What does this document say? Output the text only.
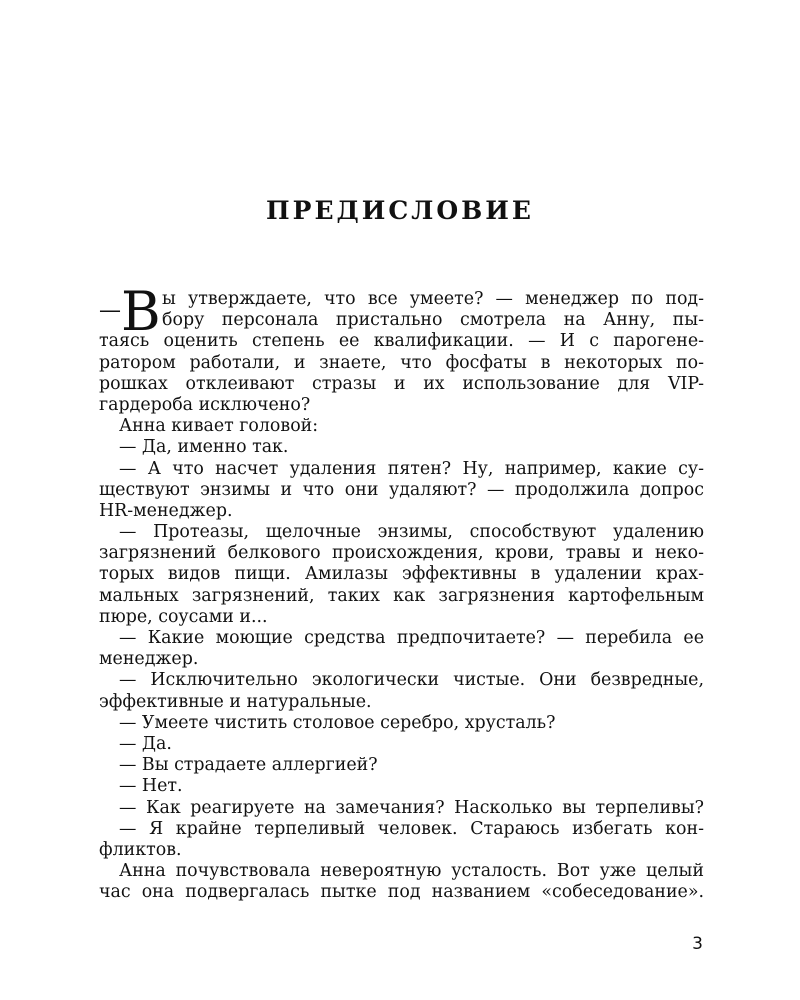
ПРЕДИСЛОВИЕ
— В ы утверждаете, что все умеете? — менеджер по под-
бору персонала пристально смотрела на Анну, пы-
таясь оценить степень ее квалификации. — И с парогене-
ратором работали, и знаете, что фосфаты в некоторых по-
рошках отклеивают стразы и их использование для VIP-
гардероба исключено?
Анна кивает головой:
— Да, именно так.
— А что насчет удаления пятен? Ну, например, какие су-
ществуют энзимы и что они удаляют? — продолжила допрос
HR-менеджер.
— Протеазы, щелочные энзимы, способствуют удалению
загрязнений белкового происхождения, крови, травы и неко-
торых видов пищи. Амилазы эффективны в удалении крах-
мальных загрязнений, таких как загрязнения картофельным
пюре, соусами и...
— Какие моющие средства предпочитаете? — перебила ее
менеджер.
— Исключительно экологически чистые. Они безвредные,
эффективные и натуральные.
— Умеете чистить столовое серебро, хрусталь?
— Да.
— Вы страдаете аллергией?
— Нет.
— Как реагируете на замечания? Насколько вы терпеливы?
— Я крайне терпеливый человек. Стараюсь избегать кон-
фликтов.
Анна почувствовала невероятную усталость. Вот уже целый
час она подвергалась пытке под названием «собеседование».
3
